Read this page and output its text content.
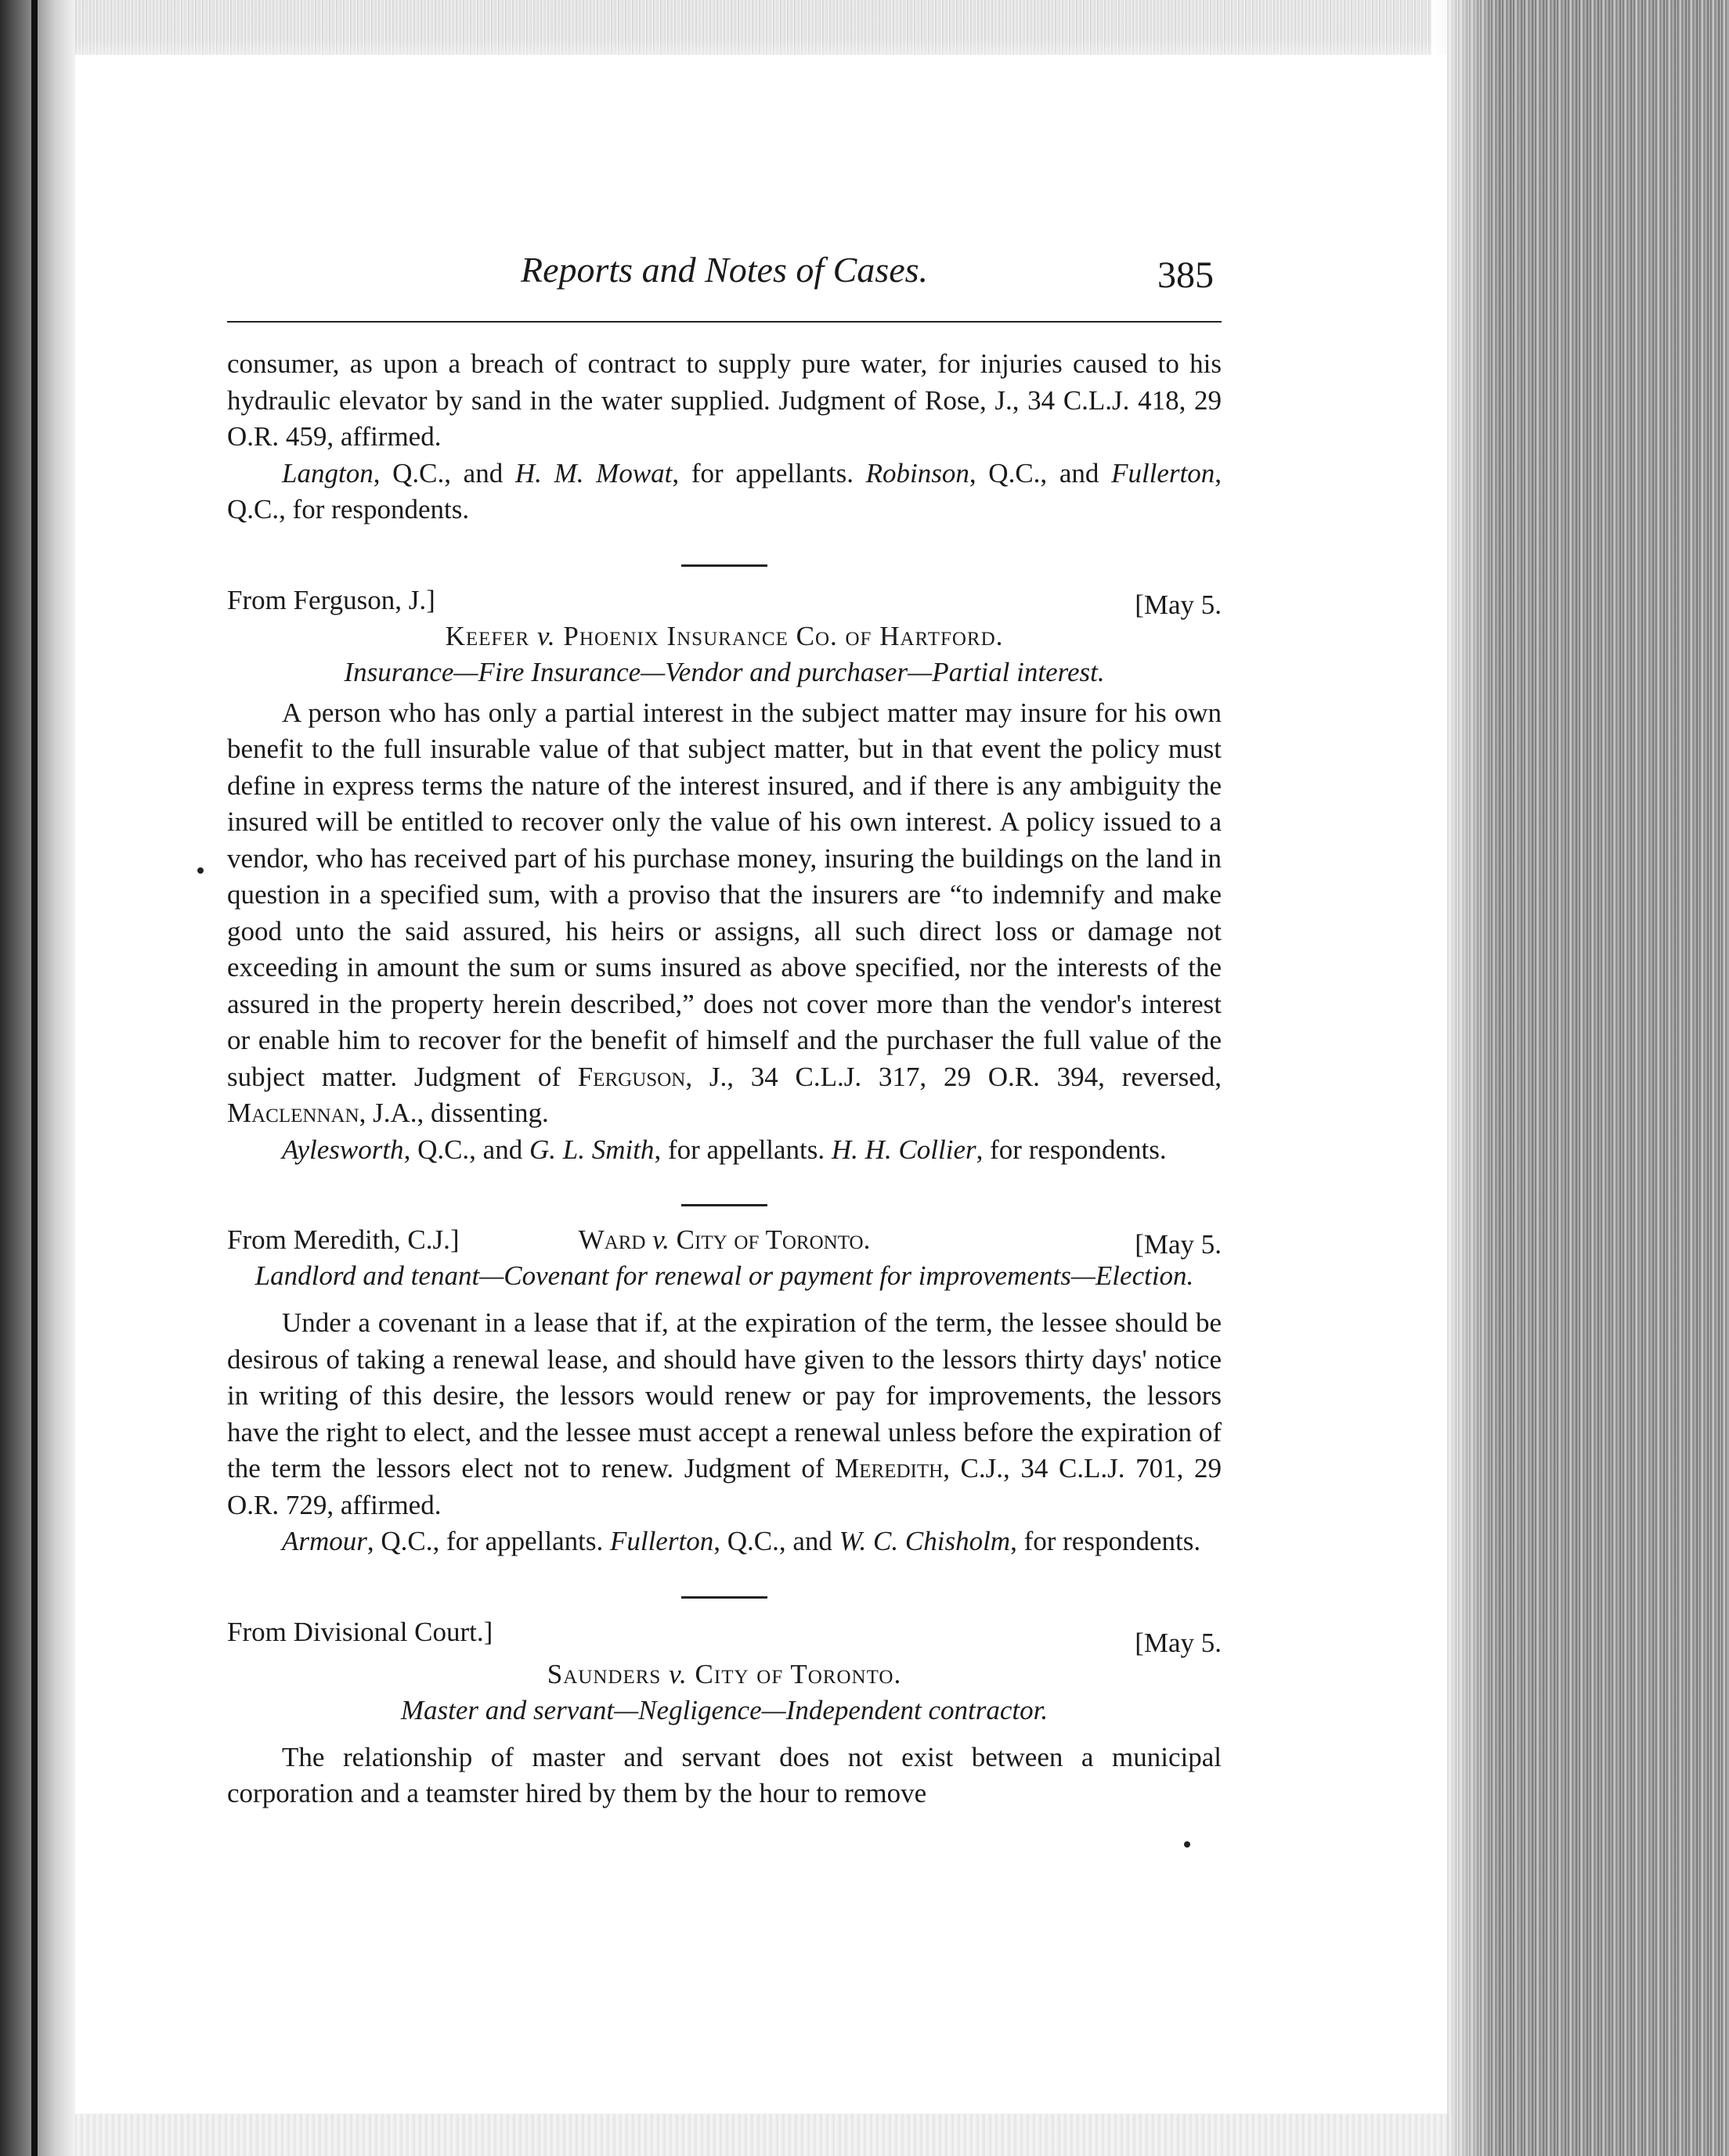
Reports and Notes of Cases.	385

consumer, as upon a breach of contract to supply pure water, for injuries caused to his hydraulic elevator by sand in the water supplied. Judgment of Rose, J., 34 C.L.J. 418, 29 O.R. 459, affirmed.

Langton, Q.C., and H. M. Mowat, for appellants. Robinson, Q.C., and Fullerton, Q.C., for respondents.

From Ferguson, J.]	[May 5.
Keefer v. Phoenix Insurance Co. of Hartford.
Insurance—Fire Insurance—Vendor and purchaser—Partial interest.

A person who has only a partial interest in the subject matter may insure for his own benefit to the full insurable value of that subject matter, but in that event the policy must define in express terms the nature of the interest insured, and if there is any ambiguity the insured will be entitled to recover only the value of his own interest. A policy issued to a vendor, who has received part of his purchase money, insuring the buildings on the land in question in a specified sum, with a proviso that the insurers are “to indemnify and make good unto the said assured, his heirs or assigns, all such direct loss or damage not exceeding in amount the sum or sums insured as above specified, nor the interests of the assured in the property herein described,” does not cover more than the vendor's interest or enable him to recover for the benefit of himself and the purchaser the full value of the subject matter. Judgment of Ferguson, J., 34 C.L.J. 317, 29 O.R. 394, reversed, Maclennan, J.A., dissenting.

Aylesworth, Q.C., and G. L. Smith, for appellants. H. H. Collier, for respondents.

From Meredith, C.J.]	Ward v. City of Toronto.	[May 5.
Landlord and tenant—Covenant for renewal or payment for improvements—Election.

Under a covenant in a lease that if, at the expiration of the term, the lessee should be desirous of taking a renewal lease, and should have given to the lessors thirty days' notice in writing of this desire, the lessors would renew or pay for improvements, the lessors have the right to elect, and the lessee must accept a renewal unless before the expiration of the term the lessors elect not to renew. Judgment of Meredith, C.J., 34 C.L.J. 701, 29 O.R. 729, affirmed.

Armour, Q.C., for appellants. Fullerton, Q.C., and W. C. Chisholm, for respondents.

From Divisional Court.]	[May 5.
Saunders v. City of Toronto.
Master and servant—Negligence—Independent contractor.

The relationship of master and servant does not exist between a municipal corporation and a teamster hired by them by the hour to remove
